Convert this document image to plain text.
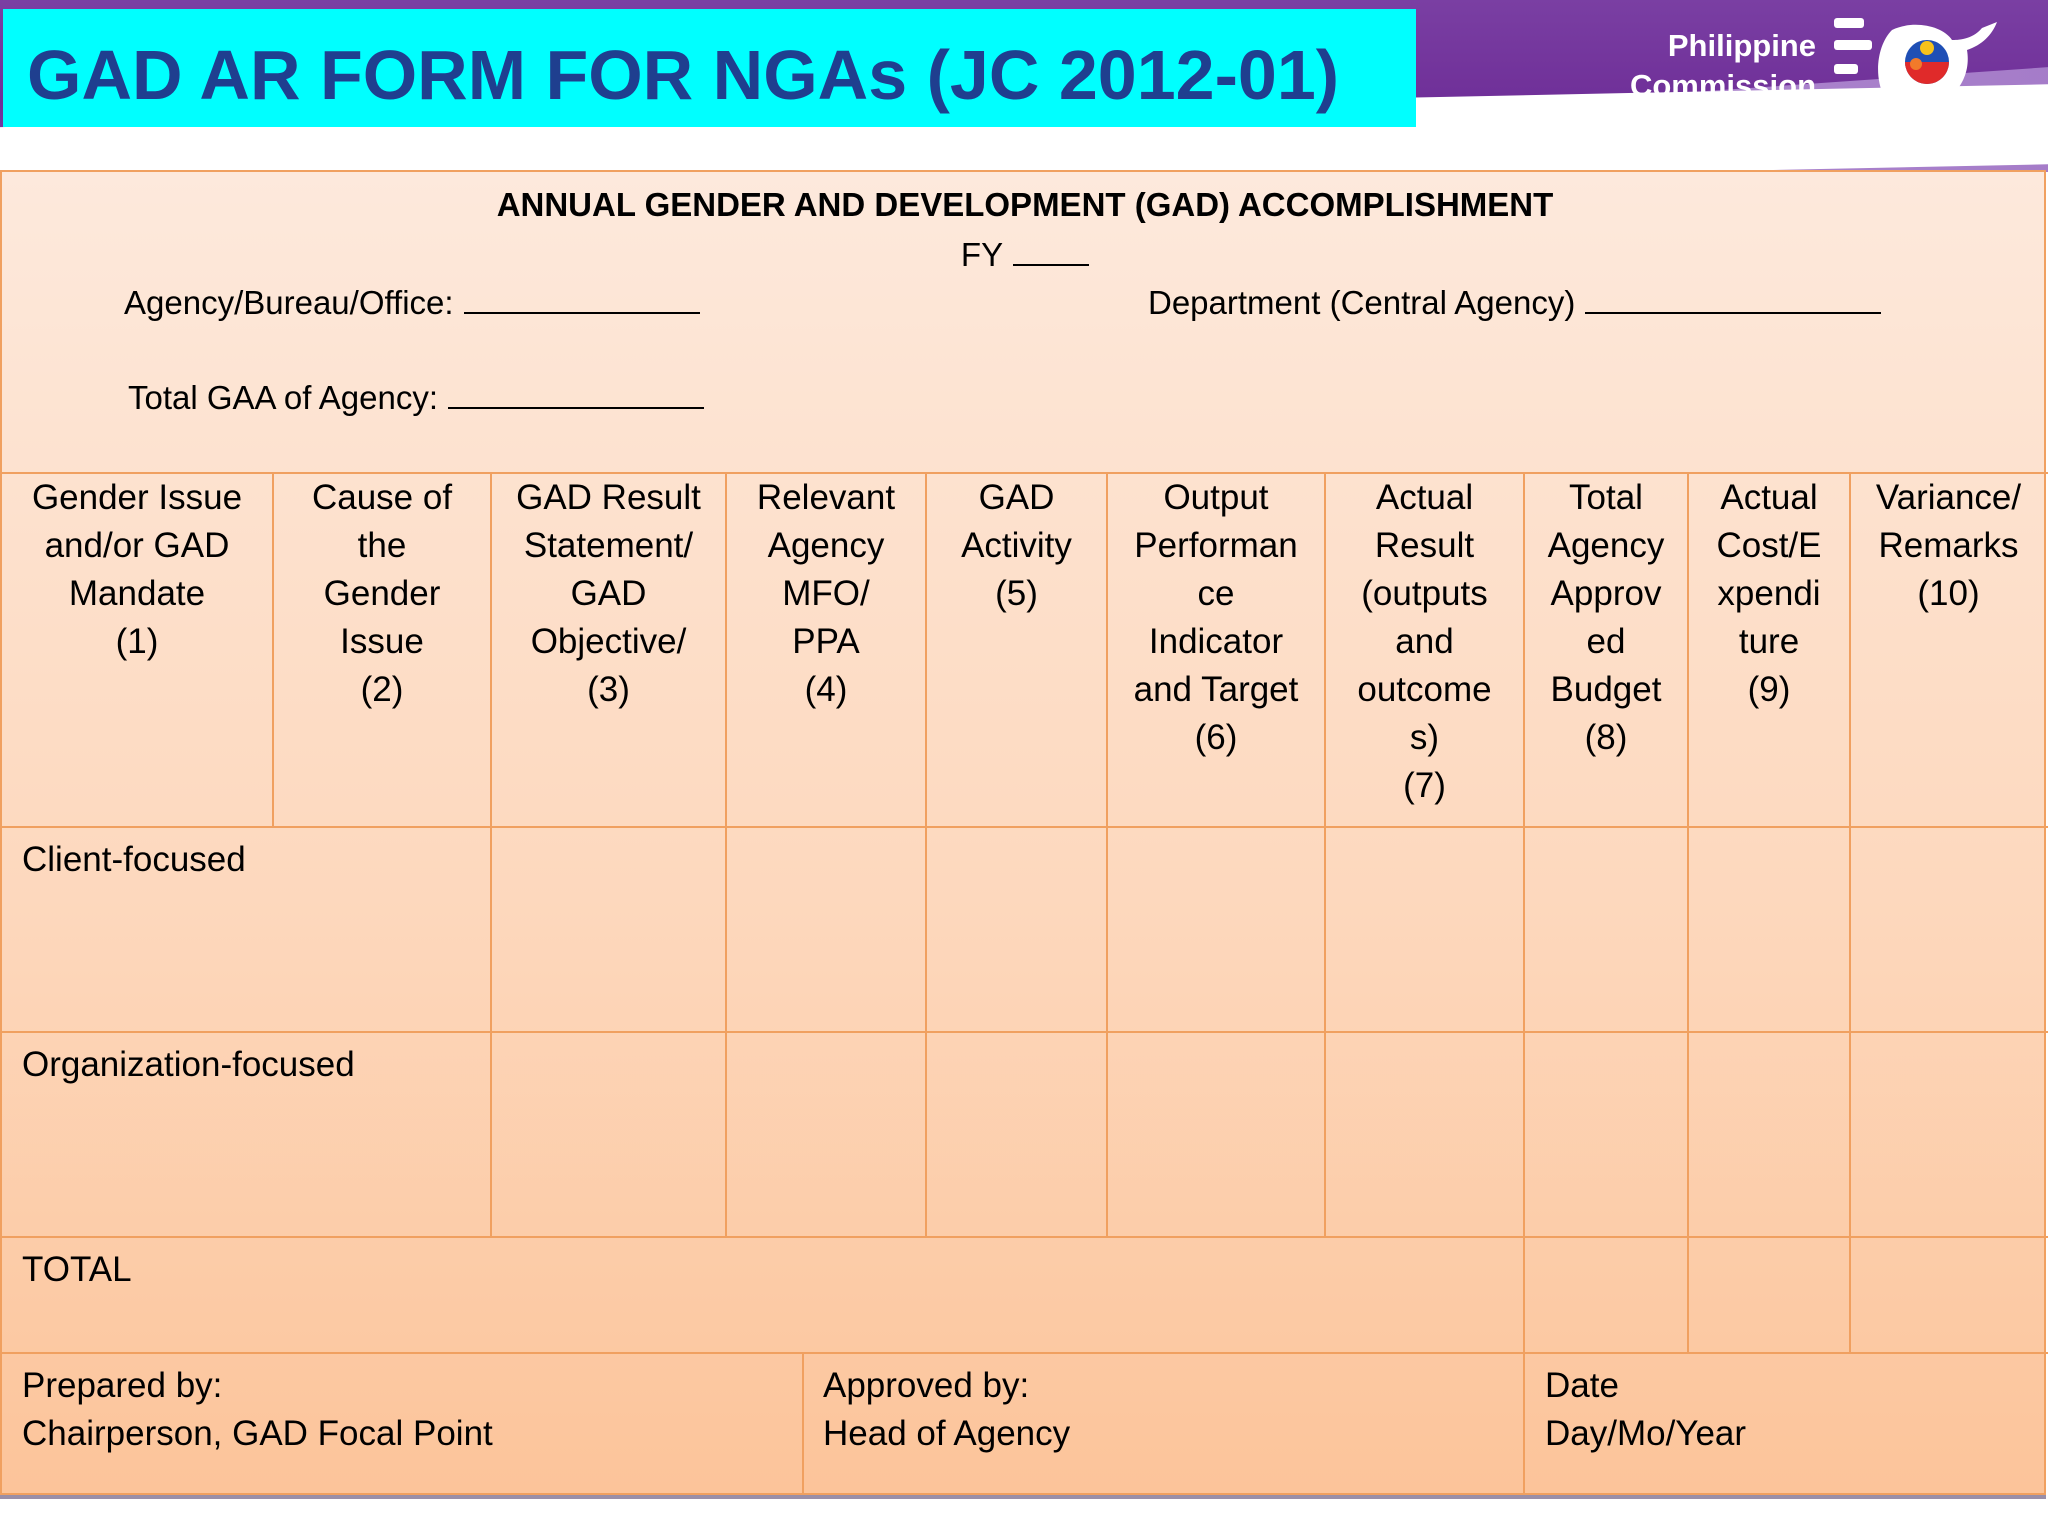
GAD AR FORM FOR NGAs (JC 2012-01)	Philippine
Commission
on Women
ANNUAL GENDER AND DEVELOPMENT (GAD) ACCOMPLISHMENT
FY
Agency/Bureau/Office:	Department (Central Agency)
Total GAA of Agency:
Gender Issue
and/or GAD
Mandate
(1)
Cause of
the
Gender
Issue
(2)
GAD Result
Statement/
GAD
Objective/
(3)
Relevant
Agency
MFO/
PPA
(4)
GAD
Activity
(5)
Output
Performan
ce
Indicator
and Target
(6)
Actual
Result
(outputs
and
outcome
s)
(7)
Total
Agency
Approv
ed
Budget
(8)
Actual
Cost/E
xpendi
ture
(9)
Variance/
Remarks
(10)
Client-focused
Organization-focused
TOTAL
Prepared by:
Chairperson, GAD Focal Point
Approved by:
Head of Agency
Date
Day/Mo/Year
